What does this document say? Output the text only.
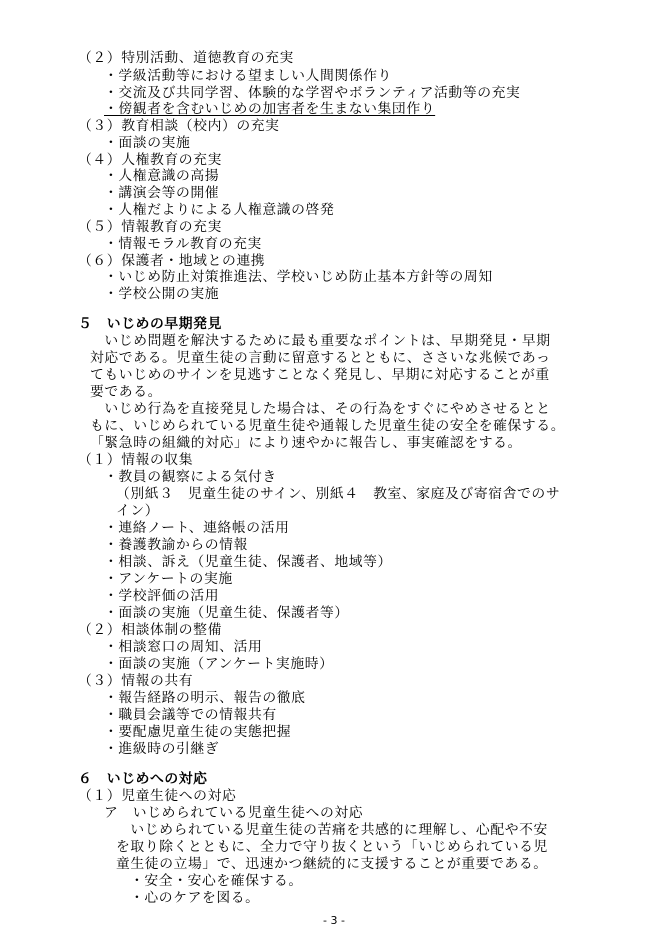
（２）特別活動、道徳教育の充実
・学級活動等における望ましい人間関係作り
・交流及び共同学習、体験的な学習やボランティア活動等の充実
・傍観者を含むいじめの加害者を生まない集団作り
（３）教育相談（校内）の充実
・面談の実施
（４）人権教育の充実
・人権意識の高揚
・講演会等の開催
・人権だよりによる人権意識の啓発
（５）情報教育の充実
・情報モラル教育の充実
（６）保護者・地域との連携
・いじめ防止対策推進法、学校いじめ防止基本方針等の周知
・学校公開の実施
５　いじめの早期発見
　いじめ問題を解決するために最も重要なポイントは、早期発見・早期
対応である。児童生徒の言動に留意するとともに、ささいな兆候であっ
てもいじめのサインを見逃すことなく発見し、早期に対応することが重
要である。
　いじめ行為を直接発見した場合は、その行為をすぐにやめさせるとと
もに、いじめられている児童生徒や通報した児童生徒の安全を確保する。
「緊急時の組織的対応」により速やかに報告し、事実確認をする。
（１）情報の収集
・教員の観察による気付き
（別紙３　児童生徒のサイン、別紙４　教室、家庭及び寄宿舎でのサ
イン）
・連絡ノート、連絡帳の活用
・養護教諭からの情報
・相談、訴え（児童生徒、保護者、地域等）
・アンケートの実施
・学校評価の活用
・面談の実施（児童生徒、保護者等）
（２）相談体制の整備
・相談窓口の周知、活用
・面談の実施（アンケート実施時）
（３）情報の共有
・報告経路の明示、報告の徹底
・職員会議等での情報共有
・要配慮児童生徒の実態把握
・進級時の引継ぎ
６　いじめへの対応
（１）児童生徒への対応
ア　いじめられている児童生徒への対応
　いじめられている児童生徒の苦痛を共感的に理解し、心配や不安
を取り除くとともに、全力で守り抜くという「いじめられている児
童生徒の立場」で、迅速かつ継続的に支援することが重要である。
・安全・安心を確保する。
・心のケアを図る。
- 3 -
